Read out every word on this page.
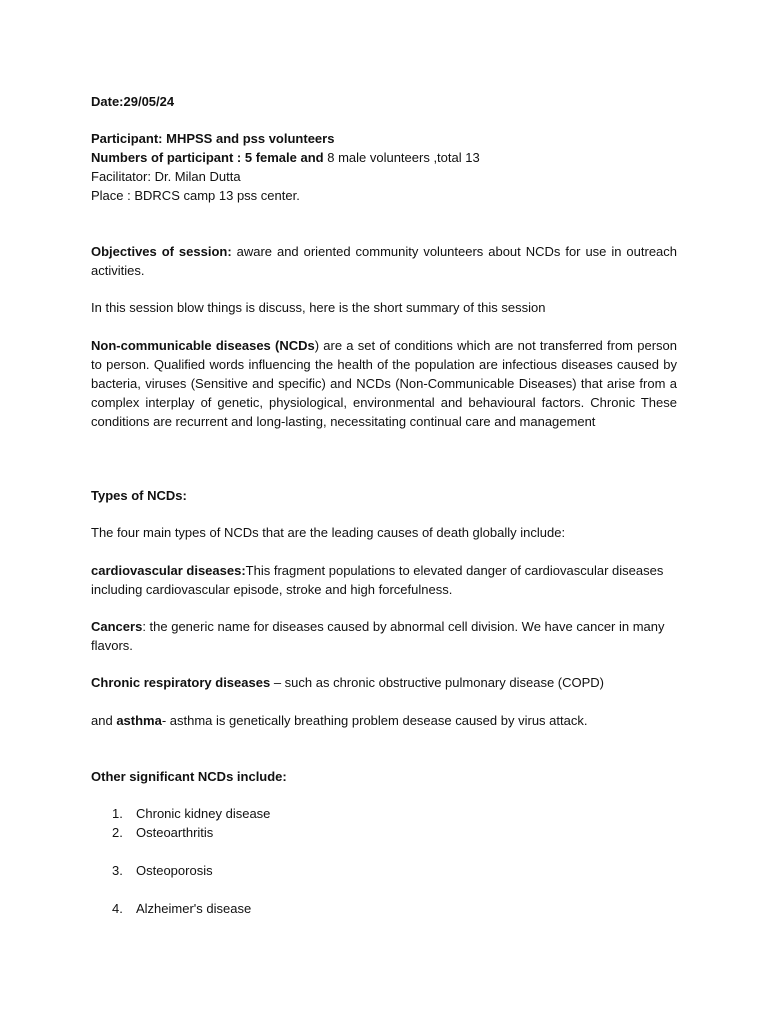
Date:29/05/24

Participant: MHPSS and pss volunteers
Numbers of participant : 5 female and 8 male volunteers ,total 13
Facilitator: Dr. Milan Dutta
Place : BDRCS camp 13 pss center.

Objectives of session: aware and oriented community volunteers about NCDs for use in outreach activities.

In this session blow things is discuss, here is the short summary of this session

Non-communicable diseases (NCDs) are a set of conditions which are not transferred from person to person. Qualified words influencing the health of the population are infectious diseases caused by bacteria, viruses (Sensitive and specific) and NCDs (Non-Communicable Diseases) that arise from a complex interplay of genetic, physiological, environmental and behavioural factors. Chronic These conditions are recurrent and long-lasting, necessitating continual care and management

Types of NCDs:

The four main types of NCDs that are the leading causes of death globally include:

cardiovascular diseases:This fragment populations to elevated danger of cardiovascular diseases including cardiovascular episode, stroke and high forcefulness.

Cancers: the generic name for diseases caused by abnormal cell division. We have cancer in many flavors.

Chronic respiratory diseases – such as chronic obstructive pulmonary disease (COPD)

and asthma- asthma is genetically breathing problem desease caused by virus attack.

Other significant NCDs include:

1. Chronic kidney disease
2. Osteoarthritis
3. Osteoporosis
4. Alzheimer's disease
